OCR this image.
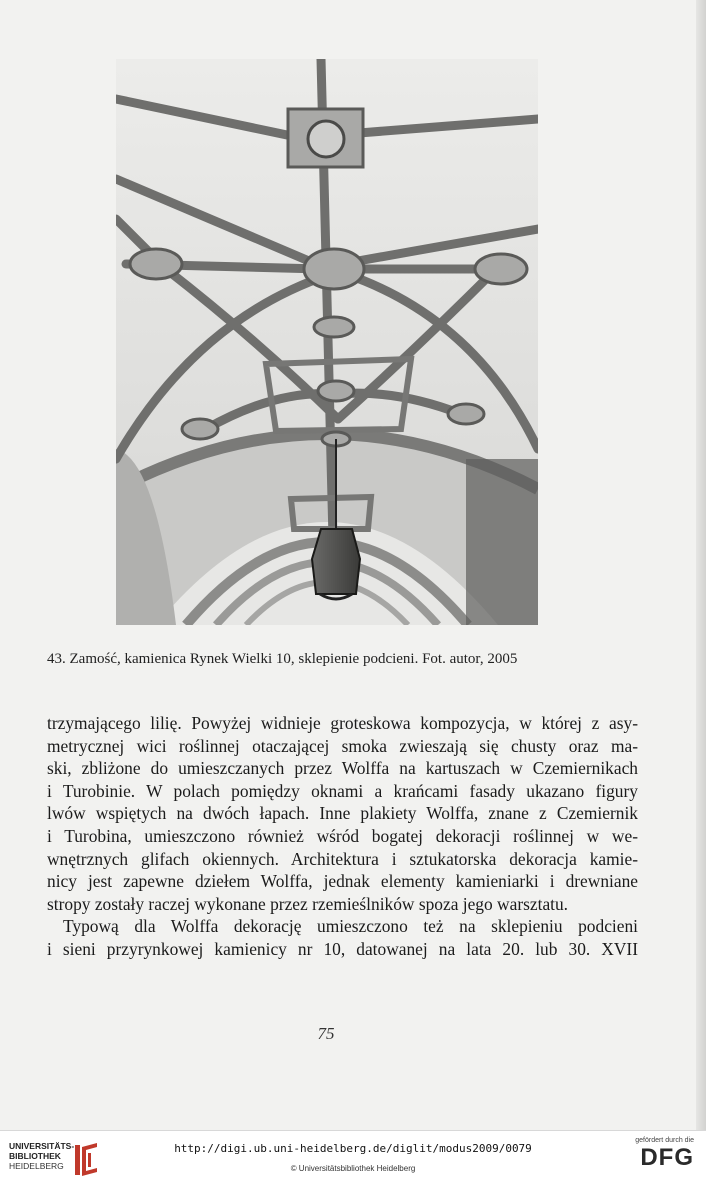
43. Zamość, kamienica Rynek Wielki 10, sklepienie podcieni. Fot. autor, 2005
trzymającego lilię. Powyżej widnieje groteskowa kompozycja, w której z asy-
metrycznej wici roślinnej otaczającej smoka zwieszają się chusty oraz ma-
ski, zbliżone do umieszczanych przez Wolffa na kartuszach w Czemiernikach
i Turobinie. W polach pomiędzy oknami a krańcami fasady ukazano figury
lwów wspiętych na dwóch łapach. Inne plakiety Wolffa, znane z Czemiernik
i Turobina, umieszczono również wśród bogatej dekoracji roślinnej w we-
wnętrznych glifach okiennych. Architektura i sztukatorska dekoracja kamie-
nicy jest zapewne dziełem Wolffa, jednak elementy kamieniarki i drewniane
stropy zostały raczej wykonane przez rzemieślników spoza jego warsztatu.
Typową dla Wolffa dekorację umieszczono też na sklepieniu podcieni
i sieni przyrynkowej kamienicy nr 10, datowanej na lata 20. lub 30. XVII
75
UNIVERSITÄTS-
BIBLIOTHEK
HEIDELBERG
http://digi.ub.uni-heidelberg.de/diglit/modus2009/0079
© Universitätsbibliothek Heidelberg
gefördert durch die
DFG
